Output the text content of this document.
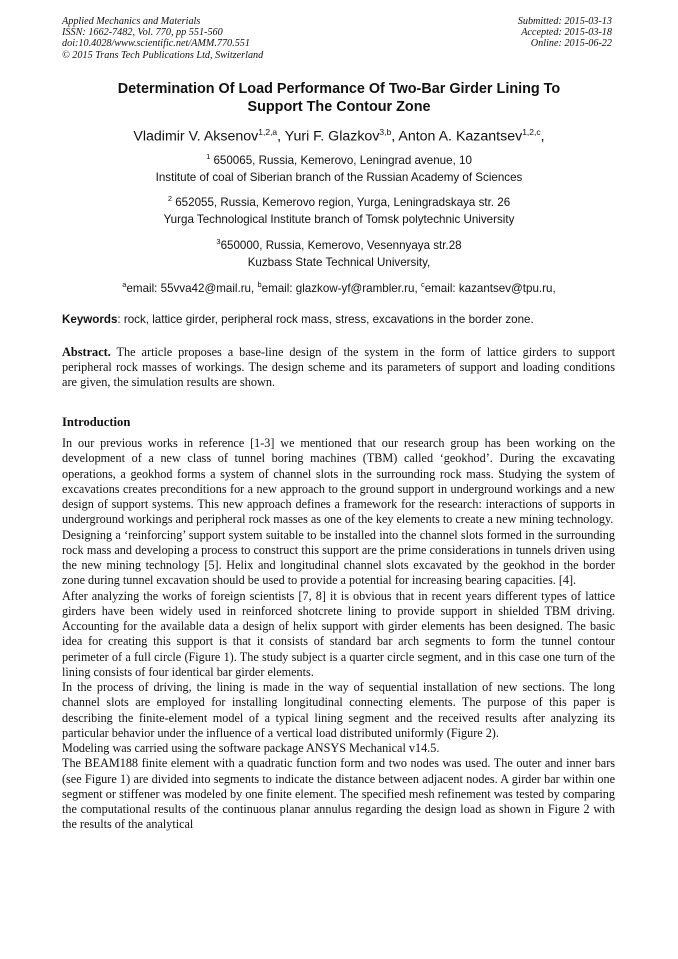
Applied Mechanics and Materials
ISSN: 1662-7482, Vol. 770, pp 551-560
doi:10.4028/www.scientific.net/AMM.770.551
© 2015 Trans Tech Publications Ltd, Switzerland
Submitted: 2015-03-13
Accepted: 2015-03-18
Online: 2015-06-22
Determination Of Load Performance Of Two-Bar Girder Lining To
Support The Contour Zone
Vladimir V. Aksenov$^{1,2,a}$, Yuri F. Glazkov$^{3,b}$, Anton A. Kazantsev$^{1,2,c}$,
$^1$ 650065, Russia, Kemerovo, Leningrad avenue, 10
Institute of coal of Siberian branch of the Russian Academy of Sciences
$^2$ 652055, Russia, Kemerovo region, Yurga, Leningradskaya str. 26
Yurga Technological Institute branch of Tomsk polytechnic University
$^3$650000, Russia, Kemerovo, Vesennyaya str.28
Kuzbass State Technical University,
$^a$email: 55vva42@mail.ru, $^b$email: glazkow-yf@rambler.ru, $^c$email: kazantsev@tpu.ru,
Keywords: rock, lattice girder, peripheral rock mass, stress, excavations in the border zone.
Abstract. The article proposes a base-line design of the system in the form of lattice girders to support peripheral rock masses of workings. The design scheme and its parameters of support and loading conditions are given, the simulation results are shown.
Introduction

In our previous works in reference [1-3] we mentioned that our research group has been working on the development of a new class of tunnel boring machines (TBM) called ‘geokhod’. During the excavating operations, a geokhod forms a system of channel slots in the surrounding rock mass. Studying the system of excavations creates preconditions for a new approach to the ground support in underground workings and a new design of support systems. This new approach defines a framework for the research: interactions of supports in underground workings and peripheral rock masses as one of the key elements to create a new mining technology.

Designing a ‘reinforcing’ support system suitable to be installed into the channel slots formed in the surrounding rock mass and developing a process to construct this support are the prime considerations in tunnels driven using the new mining technology [5]. Helix and longitudinal channel slots excavated by the geokhod in the border zone during tunnel excavation should be used to provide a potential for increasing bearing capacities. [4].

After analyzing the works of foreign scientists [7, 8] it is obvious that in recent years different types of lattice girders have been widely used in reinforced shotcrete lining to provide support in shielded TBM driving. Accounting for the available data a design of helix support with girder elements has been designed. The basic idea for creating this support is that it consists of standard bar arch segments to form the tunnel contour perimeter of a full circle (Figure 1). The study subject is a quarter circle segment, and in this case one turn of the lining consists of four identical bar girder elements.

In the process of driving, the lining is made in the way of sequential installation of new sections. The long channel slots are employed for installing longitudinal connecting elements. The purpose of this paper is describing the finite-element model of a typical lining segment and the received results after analyzing its particular behavior under the influence of a vertical load distributed uniformly (Figure 2).

Modeling was carried using the software package ANSYS Mechanical v14.5.

The BEAM188 finite element with a quadratic function form and two nodes was used. The outer and inner bars (see Figure 1) are divided into segments to indicate the distance between adjacent nodes. A girder bar within one segment or stiffener was modeled by one finite element. The specified mesh refinement was tested by comparing the computational results of the continuous planar annulus regarding the design load as shown in Figure 2 with the results of the analytical
